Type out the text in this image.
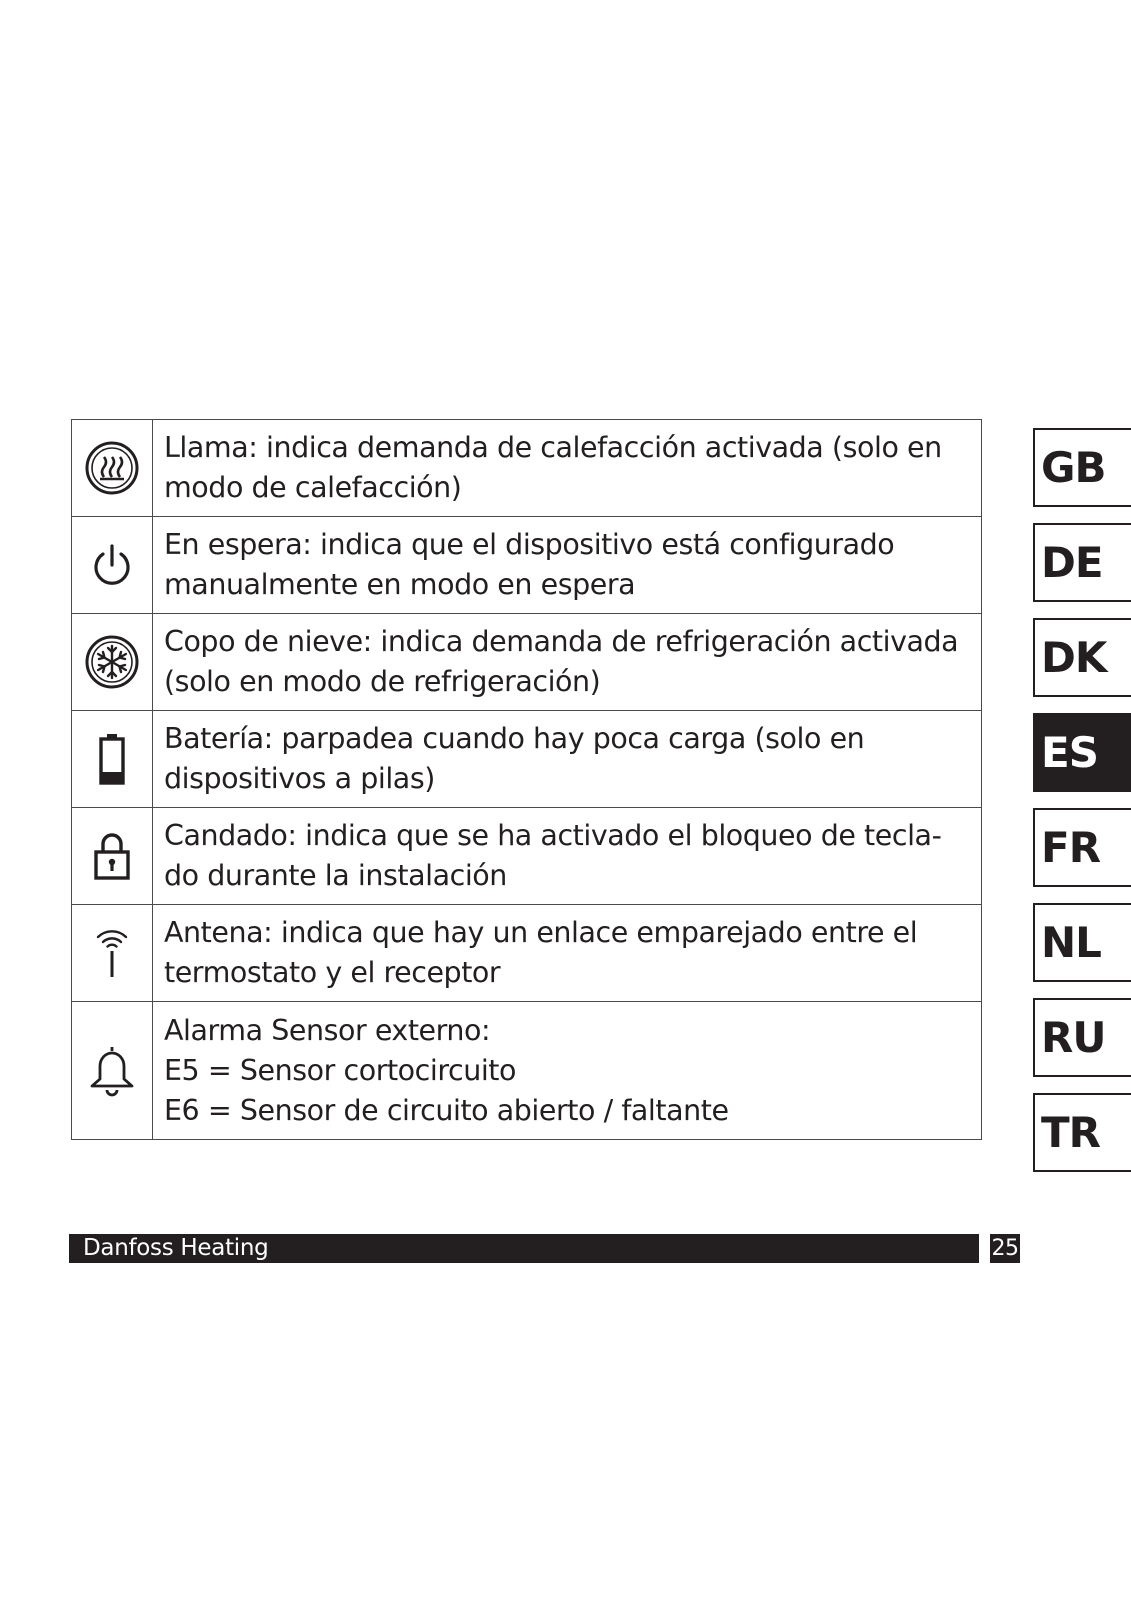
Llama: indica demanda de calefacción activada (solo en
modo de calefacción)

En espera: indica que el dispositivo está configurado
manualmente en modo en espera

Copo de nieve: indica demanda de refrigeración activada
(solo en modo de refrigeración)

Batería: parpadea cuando hay poca carga (solo en
dispositivos a pilas)

Candado: indica que se ha activado el bloqueo de tecla-
do durante la instalación

Antena: indica que hay un enlace emparejado entre el
termostato y el receptor

Alarma Sensor externo:
E5 = Sensor cortocircuito
E6 = Sensor de circuito abierto / faltante
GB
DE
DK
ES
FR
NL
RU
TR
Danfoss Heating	25
